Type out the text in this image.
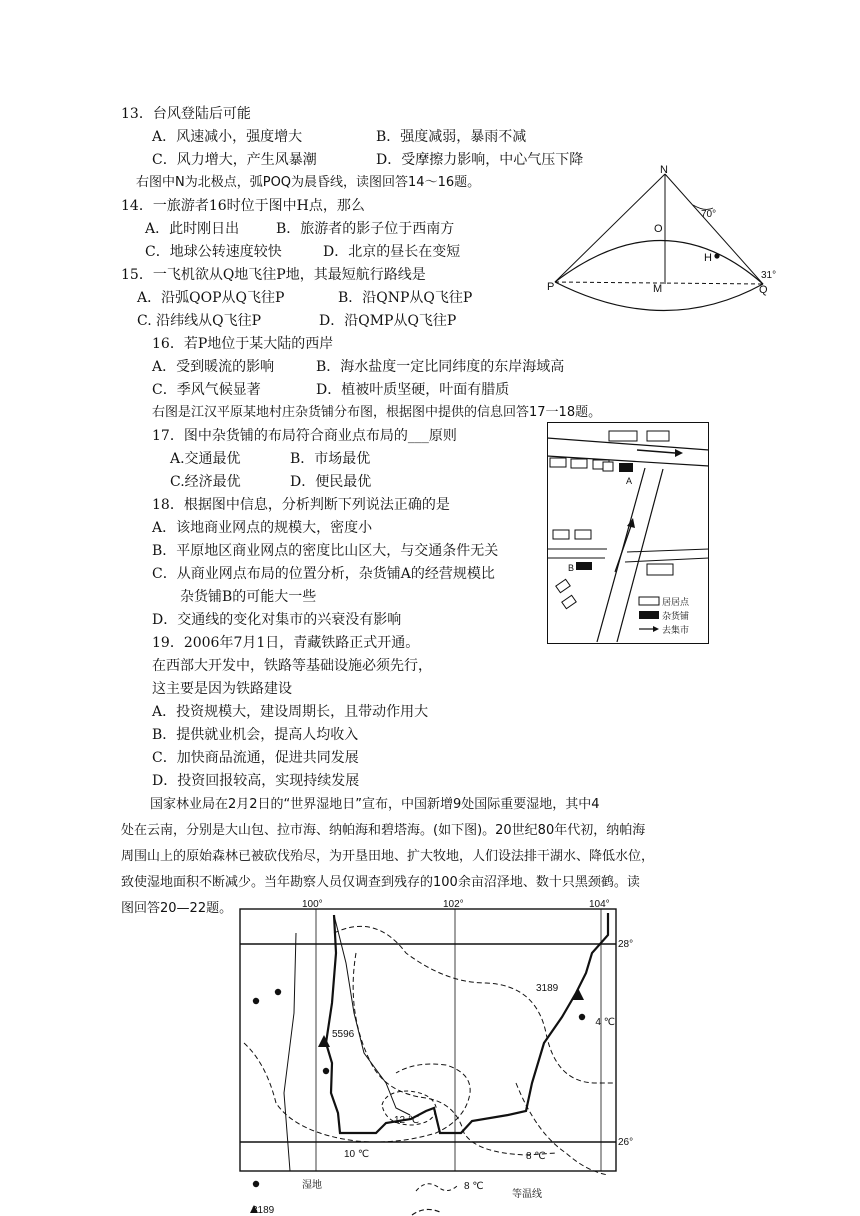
13．台风登陆后可能
A．风速减小，强度增大	B．强度减弱，暴雨不减
C．风力增大，产生风暴潮	D．受摩擦力影响，中心气压下降
右图中N为北极点，弧POQ为晨昏线，读图回答14～16题。
14．一旅游者16时位于图中H点，那么
A．此时刚日出	B．旅游者的影子位于西南方
C．地球公转速度较快	D．北京的昼长在变短
15．一飞机欲从Q地飞往P地，其最短航行路线是
A．沿弧QOP从Q飞往P	B．沿QNP从Q飞往P
C. 沿纬线从Q飞往P	D．沿QMP从Q飞往P
16．若P地位于某大陆的西岸
A．受到暖流的影响	B．海水盐度一定比同纬度的东岸海域高
C．季风气候显著	D．植被叶质坚硬，叶面有腊质
右图是江汉平原某地村庄杂货铺分布图，根据图中提供的信息回答17一18题。
17．图中杂货铺的布局符合商业点布局的___原则
A.交通最优	B．市场最优
C.经济最优	D．便民最优
18．根据图中信息，分析判断下列说法正确的是
A．该地商业网点的规模大，密度小
B．平原地区商业网点的密度比山区大，与交通条件无关
C．从商业网点布局的位置分析，杂货铺A的经营规模比
杂货铺B的可能大一些
D．交通线的变化对集市的兴衰没有影响
19．2006年7月1日，青藏铁路正式开通。
在西部大开发中，铁路等基础设施必须先行，
这主要是因为铁路建设
A．投资规模大，建设周期长，且带动作用大
B．提供就业机会，提高人均收入
C．加快商品流通，促进共同发展
D．投资回报较高，实现持续发展
国家林业局在2月2日的“世界湿地日”宣布，中国新增9处国际重要湿地，其中4
处在云南，分别是大山包、拉市海、纳帕海和碧塔海。(如下图)。20世纪80年代初，纳帕海
周围山上的原始森林已被砍伐殆尽，为开垦田地、扩大牧地，人们设法排干湖水、降低水位，
致使湿地面积不断减少。当年勘察人员仅调查到残存的100余亩沼泽地、数十只黑颈鹤。读
图回答20—22题。
N
O
H
P	M	Q
70°
31°
A
B
居居点
杂货铺
去集市
100°	102°	104°
28°
26°
4 ℃
8 ℃
10 ℃
12 ℃
5596
3189
湿地	8 ℃
等温线
3189
